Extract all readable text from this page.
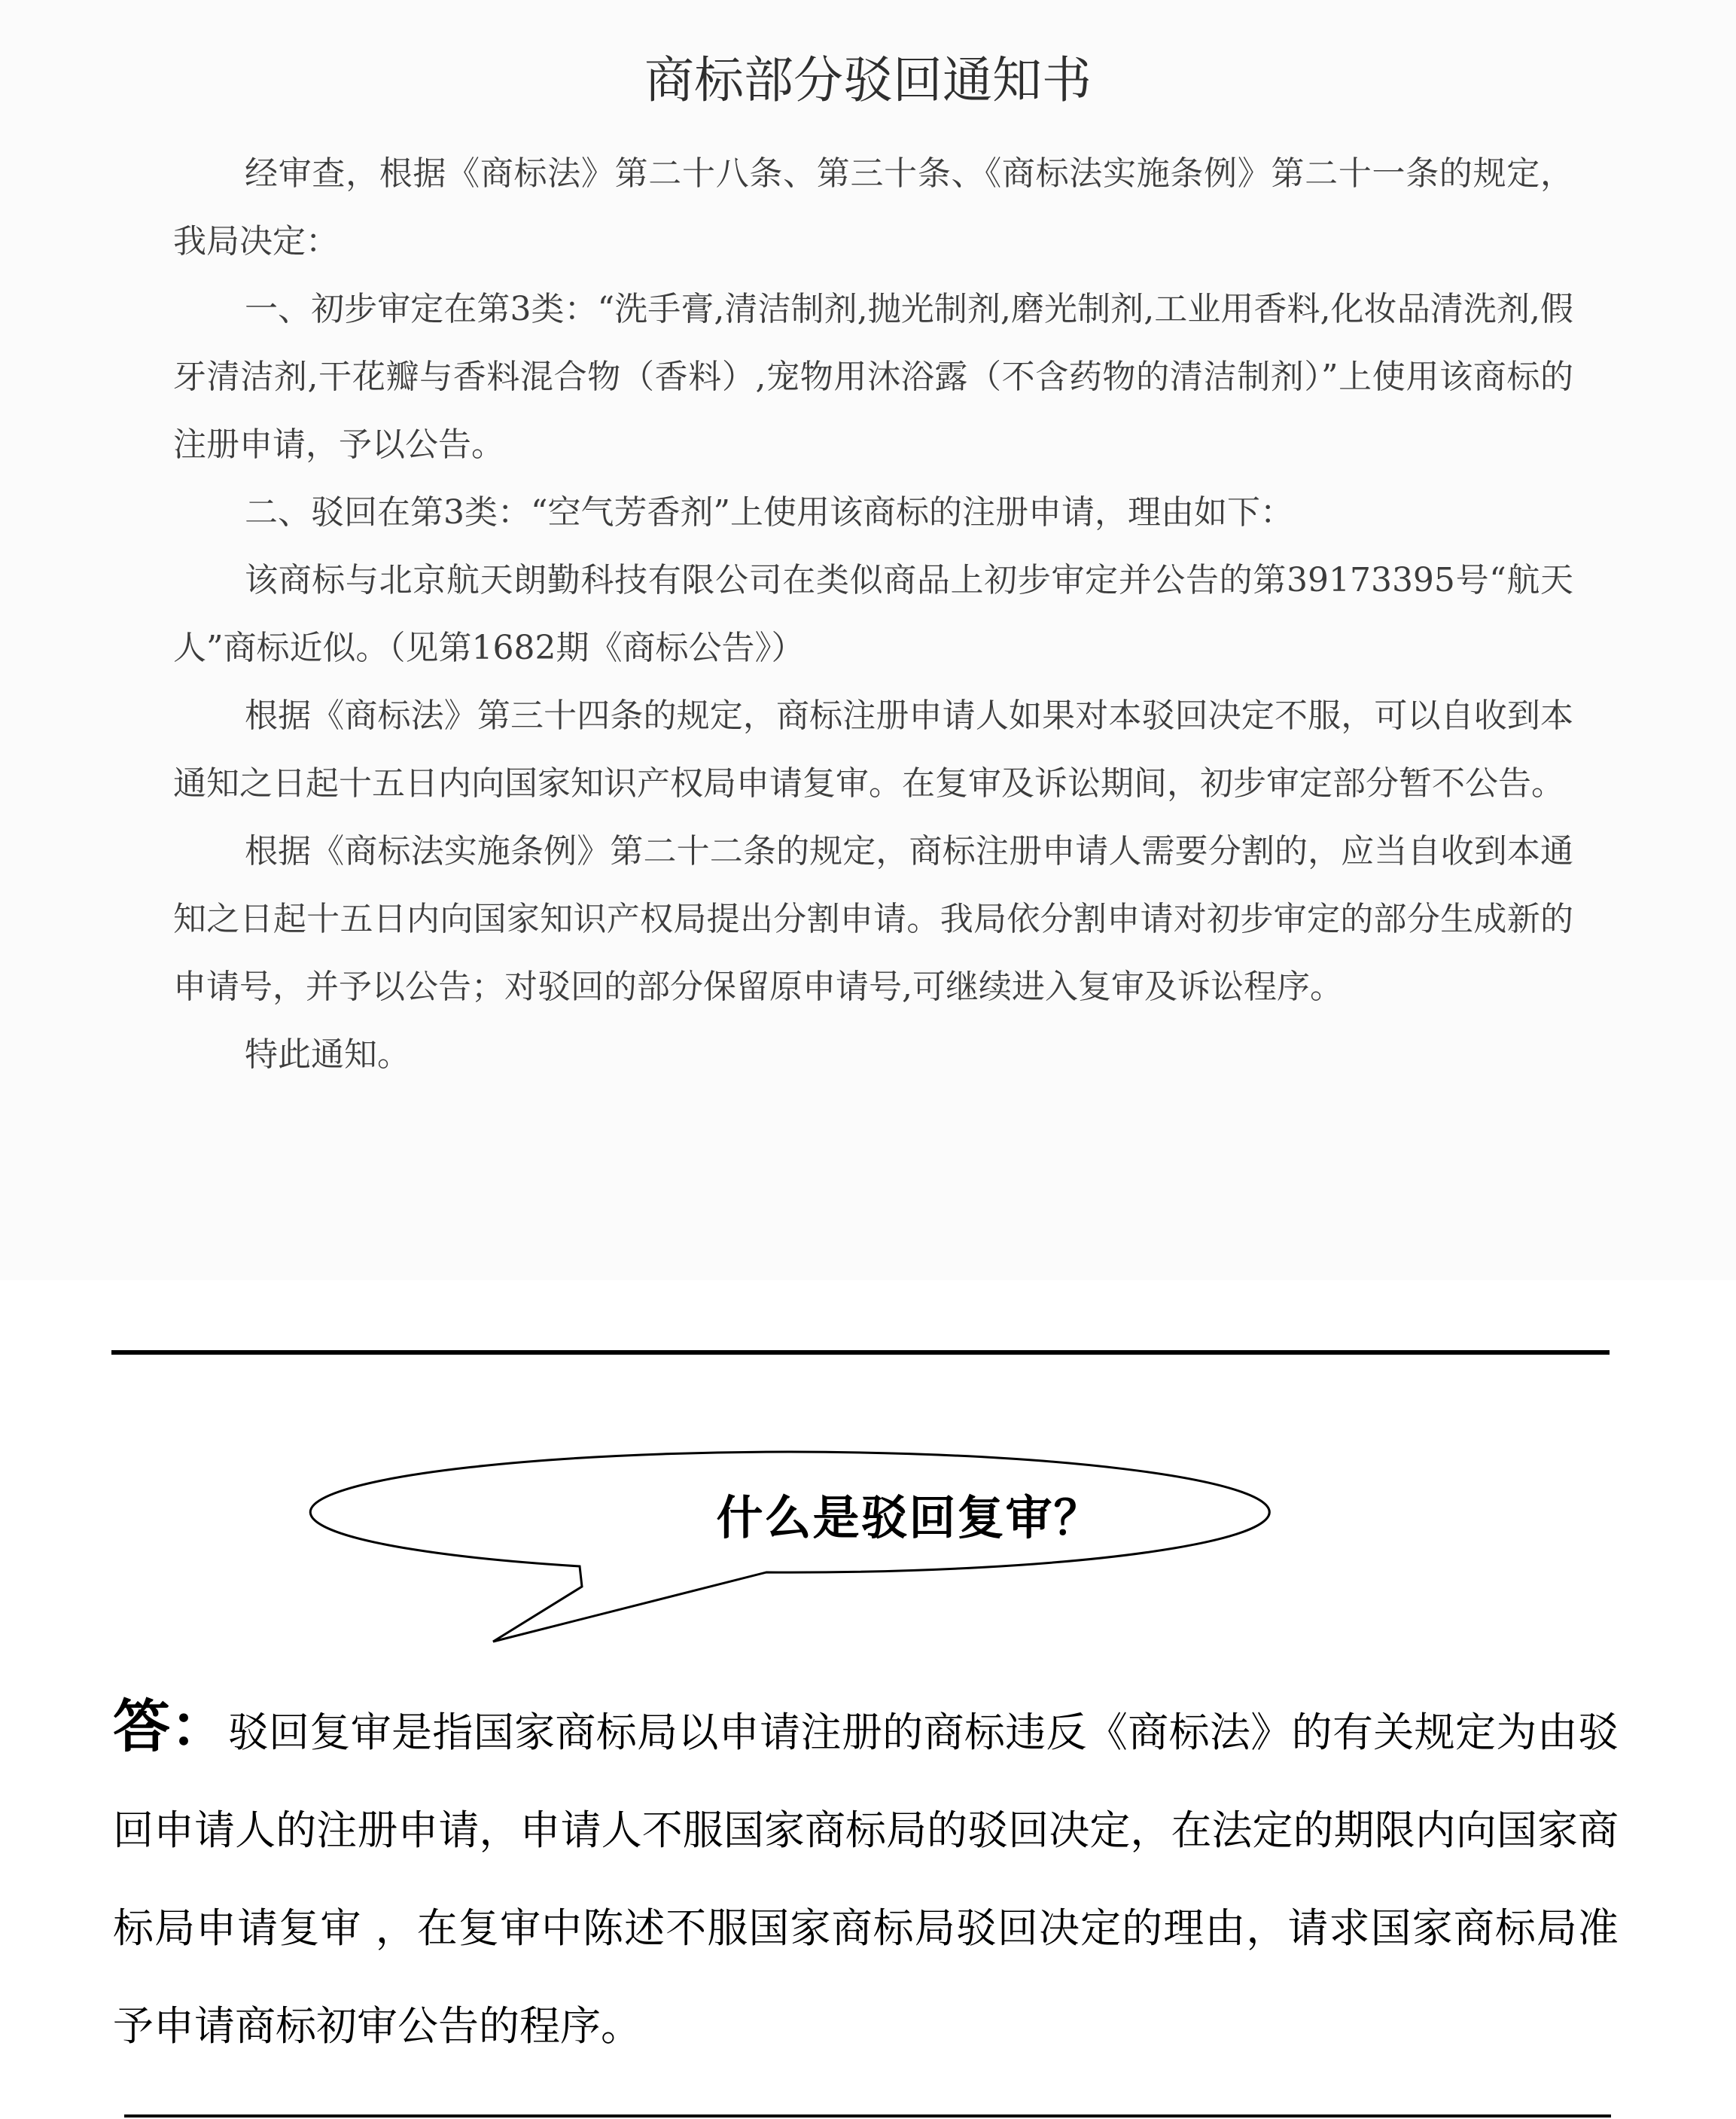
商标部分驳回通知书

经审查，根据《商标法》第二十八条、第三十条、《商标法实施条例》第二十一条的规定，我局决定：

一、初步审定在第3类：“洗手膏,清洁制剂,抛光制剂,磨光制剂,工业用香料,化妆品清洗剂,假牙清洁剂,干花瓣与香料混合物（香料）,宠物用沐浴露（不含药物的清洁制剂）”上使用该商标的注册申请，予以公告。

二、驳回在第3类：“空气芳香剂”上使用该商标的注册申请，理由如下：

该商标与北京航天朗勤科技有限公司在类似商品上初步审定并公告的第39173395号“航天人”商标近似。（见第1682期《商标公告》）

根据《商标法》第三十四条的规定，商标注册申请人如果对本驳回决定不服，可以自收到本通知之日起十五日内向国家知识产权局申请复审。在复审及诉讼期间，初步审定部分暂不公告。

根据《商标法实施条例》第二十二条的规定，商标注册申请人需要分割的，应当自收到本通知之日起十五日内向国家知识产权局提出分割申请。我局依分割申请对初步审定的部分生成新的申请号，并予以公告；对驳回的部分保留原申请号,可继续进入复审及诉讼程序。

特此通知。

什么是驳回复审？
答：驳回复审是指国家商标局以申请注册的商标违反《商标法》的有关规定为由驳回申请人的注册申请，申请人不服国家商标局的驳回决定，在法定的期限内向国家商标局申请复审 ，在复审中陈述不服国家商标局驳回决定的理由，请求国家商标局准予申请商标初审公告的程序。
